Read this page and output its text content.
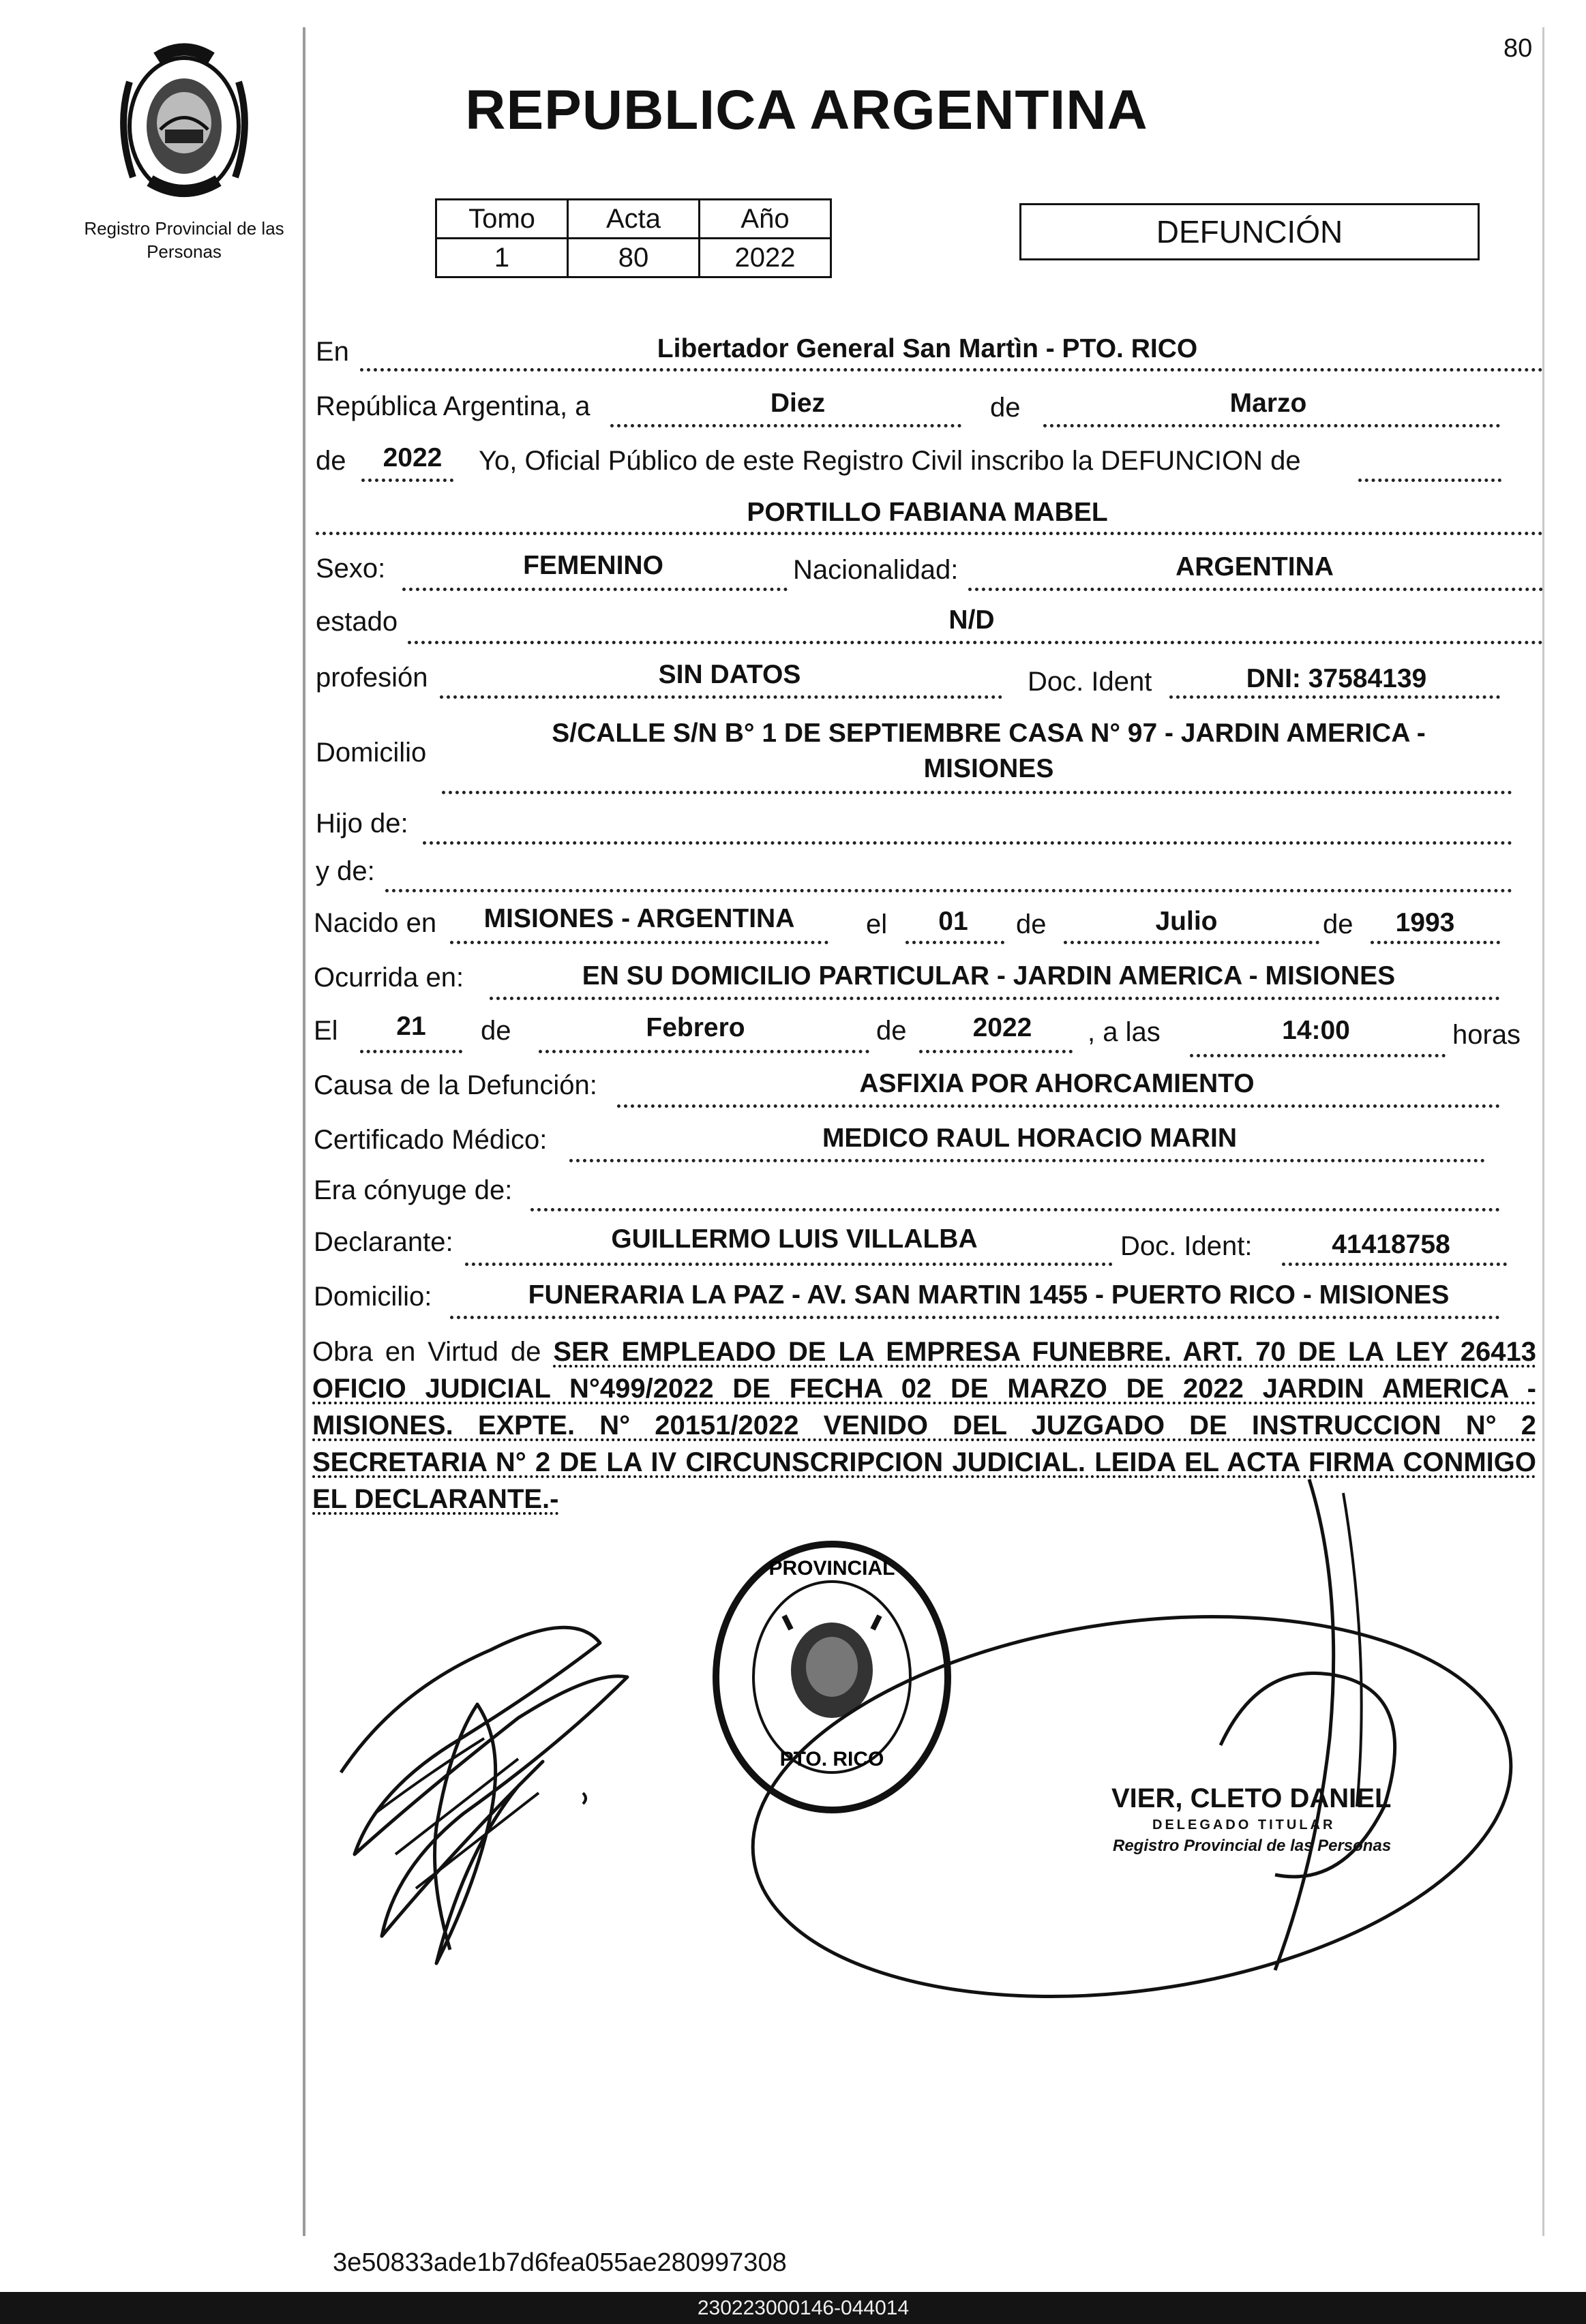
80
Registro Provincial de las Personas
REPUBLICA ARGENTINA
Tomo	Acta	Año
1	80	2022
DEFUNCIÓN
En	Libertador General San Martìn - PTO. RICO
República Argentina, a	Diez	de	Marzo
de	2022	Yo, Oficial Público de este Registro Civil inscribo la DEFUNCION de
PORTILLO FABIANA MABEL
Sexo:	FEMENINO	Nacionalidad:	ARGENTINA
estado	N/D
profesión	SIN DATOS	Doc. Ident	DNI: 37584139
Domicilio
S/CALLE S/N B° 1 DE SEPTIEMBRE CASA N° 97 - JARDIN AMERICA -
MISIONES
Hijo de:
y de:
Nacido en	MISIONES - ARGENTINA	el	01	de	Julio	de	1993
Ocurrida en:	EN SU DOMICILIO PARTICULAR - JARDIN AMERICA - MISIONES
El	21	de	Febrero	de	2022	, a las	14:00	horas
Causa de la Defunción:	ASFIXIA POR AHORCAMIENTO
Certificado Médico:	MEDICO RAUL HORACIO MARIN
Era cónyuge de:
Declarante:	GUILLERMO LUIS VILLALBA	Doc. Ident:	41418758
Domicilio:	FUNERARIA LA PAZ - AV. SAN MARTIN 1455 - PUERTO RICO - MISIONES
Obra en Virtud de SER EMPLEADO DE LA EMPRESA FUNEBRE. ART. 70 DE LA LEY 26413 OFICIO JUDICIAL N°499/2022 DE FECHA 02 DE MARZO DE 2022 JARDIN AMERICA - MISIONES. EXPTE. N° 20151/2022 VENIDO DEL JUZGADO DE INSTRUCCION N° 2 SECRETARIA N° 2 DE LA IV CIRCUNSCRIPCION JUDICIAL. LEIDA EL ACTA FIRMA CONMIGO EL DECLARANTE.-
PROVINCIAL
PTO. RICO
VIER, CLETO DANIEL
DELEGADO TITULAR
Registro Provincial de las Personas
3e50833ade1b7d6fea055ae280997308
230223000146-044014
